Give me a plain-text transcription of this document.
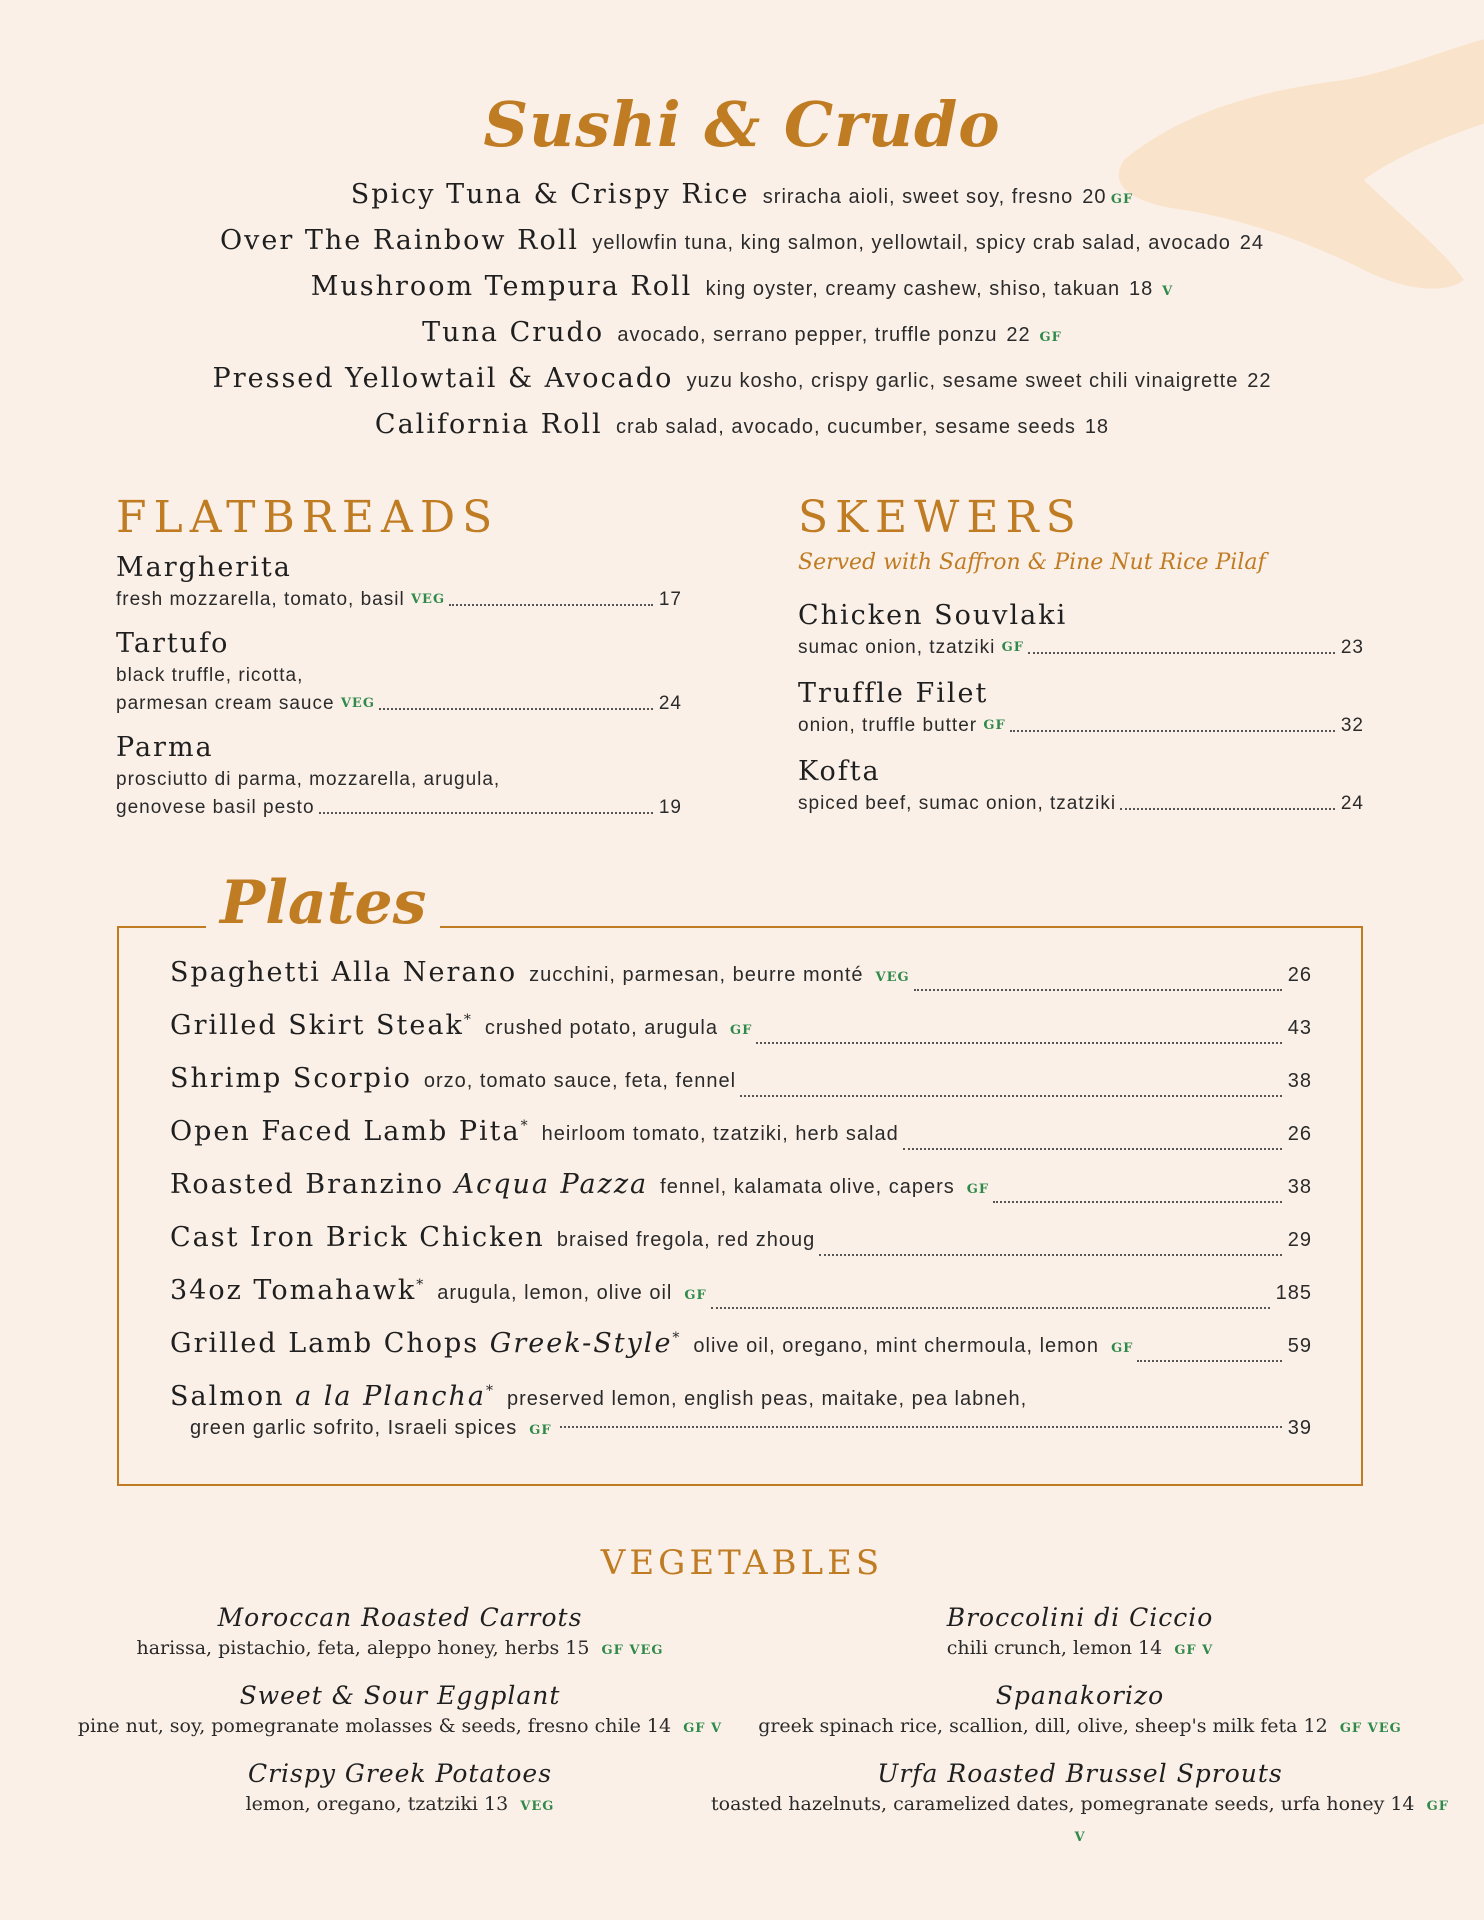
Sushi & Crudo
Spicy Tuna & Crispy Rice sriracha aioli, sweet soy, fresno 20 GF
Over The Rainbow Roll yellowfin tuna, king salmon, yellowtail, spicy crab salad, avocado 24
Mushroom Tempura Roll king oyster, creamy cashew, shiso, takuan 18 V
Tuna Crudo avocado, serrano pepper, truffle ponzu 22 GF
Pressed Yellowtail & Avocado yuzu kosho, crispy garlic, sesame sweet chili vinaigrette 22
California Roll crab salad, avocado, cucumber, sesame seeds 18
FLATBREADS
Margherita
fresh mozzarella, tomato, basil
VEG	17
Tartufo
black truffle, ricotta,
parmesan cream sauce
VEG	24
Parma
prosciutto di parma, mozzarella, arugula,
genovese basil pesto	19
SKEWERS
Served with Saffron & Pine Nut Rice Pilaf
Chicken Souvlaki
sumac onion, tzatziki
GF	23
Truffle Filet
onion, truffle butter
GF	32
Kofta
spiced beef, sumac onion, tzatziki	24
Plates
Spaghetti Alla Nerano zucchini, parmesan, beurre monté VEG	26
Grilled Skirt Steak* crushed potato, arugula GF	43
Shrimp Scorpio orzo, tomato sauce, feta, fennel	38
Open Faced Lamb Pita* heirloom tomato, tzatziki, herb salad	26
Roasted Branzino Acqua Pazza fennel, kalamata olive, capers GF	38
Cast Iron Brick Chicken braised fregola, red zhoug	29
34oz Tomahawk* arugula, lemon, olive oil GF	185
Grilled Lamb Chops Greek-Style* olive oil, oregano, mint chermoula, lemon GF	59
Salmon a la Plancha* preserved lemon, english peas, maitake, pea labneh,
green garlic sofrito, Israeli spices GF	39
VEGETABLES
Moroccan Roasted Carrots
harissa, pistachio, feta, aleppo honey, herbs 15 GF VEG
Sweet & Sour Eggplant
pine nut, soy, pomegranate molasses & seeds, fresno chile 14 GF V
Crispy Greek Potatoes
lemon, oregano, tzatziki 13 VEG
Broccolini di Ciccio
chili crunch, lemon 14 GF V
Spanakorizo
greek spinach rice, scallion, dill, olive, sheep's milk feta 12 GF VEG
Urfa Roasted Brussel Sprouts
toasted hazelnuts, caramelized dates, pomegranate seeds, urfa honey 14 GF V
